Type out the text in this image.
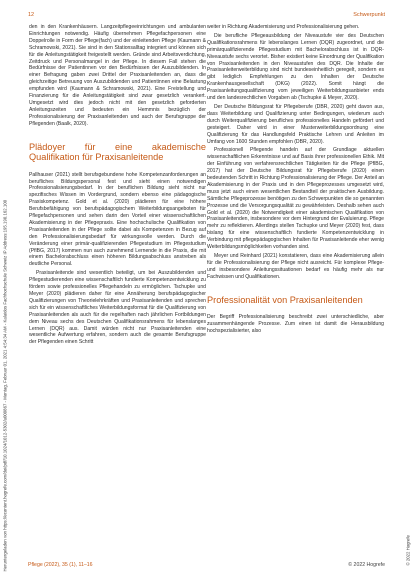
Heruntergeladen von https://econtent.hogrefe.com/doi/pdf/10.1024/1012-5302/a000867 - Montag, Februar 01, 2021 4:54:34 AM - Kalaidos Fachhochschule Schweiz IP Address:195.190.162.100	© 2022 Hogrefe
12	Schwerpunkt

den in den Krankenhäusern. Langzeitpflegeeinrichtungen und ambulanten Einrichtungen notwendig. Häufig übernehmen Pflegefachpersonen eine Doppelrolle in Form der Pflege(fach) und der einleitenden Pflege (Kaumann & Schramowski, 2021). Sie sind in den Stationsalltag integriert und können sich für die Anleitungstätigkeit freigestellt werden. Gründe sind Arbeitsverdichtung, Zeitdruck und Personalmangel in der Pflege. In diesem Fall stehen die Bedürfnisse der Patientinnen vor den Bedürfnissen der Auszubildenden. In einer Befragung gaben zwei Drittel der Praxisanleitenden an, dass die gleichzeitige Betreuung von Auszubildenden und Patientinnen eine Belastung empfunden wird (Kaumann & Schramowski, 2021). Eine Freistellung und Finanzierung für die Anleitungstätigkeit sind zwar gesetzlich verankert. Umgesetzt wird dies jedoch nicht mit den gesetzlich geforderten Anleitungszeiten und bedeuten ein Hemmnis bezüglich der Professionalisierung der Praxisanleitenden und auch der Berufsgruppe der Pflegenden (Baalk, 2020).

Plädoyer für eine akademische Qualifikation für Praxisanleitende

Pallhauser (2021) stellt berufsgebundene hohe Kompetenzanforderungen an berufliches Bildungspersonal fest und sieht einen notwendigen Professionalisierungsbedarf. In der beruflichen Bildung sieht nicht nur spezifisches Wissen im Vordergrund, sondern ebenso eine pädagogische Praxiskompetenz. Gold et al. (2020) plädieren für eine höhere Berufsbefähigung von berufspädagogischem Weiterbildungsangeboten für Pflegefachpersonen und sehen darin den Vorteil einer wissenschaftlichen Akademisierung in der Pflegepraxis. Eine hochschulische Qualifikation von Praxisanleitenden in der Pflege sollte dabei als Kompetenzen in Bezug auf den Professionalisierungsbedarf für wirkungsvolle werden. Durch die Veränderung einer primär-qualifizierenden Pflegestudium im Pflegestudium (PflBG, 2017) kommen nun auch zunehmend Lernende in die Praxis, die mit einem Bachelorabschluss einen höheren Bildungsabschluss anstreben als deutliche Personal.

Praxisanleitende sind wesentlich beteiligt, um bei Auszubildenden und Pflegestudierenden eine wissenschaftlich fundierte Kompetenzentwicklung zu fördern sowie professionelles Pflegehandeln zu ermöglichen. Tschupke und Meyer (2020) plädieren daher für eine Annäherung berufspädagogischer Qualifizierungen von Theorielehrkräften und Praxisanleitenden und sprechen sich für ein wissenschaftliches Weiterbildungsformat für die Qualifizierung von Praxisanleitenden als auch für die regelhaften nach jährlichen Fortbildungen dem Niveau sechs des Deutschen Qualifikationsrahmens für lebenslanges Lernen (DQR) aus. Damit würden nicht nur Praxisanleitenden eine wesentliche Aufwertung erfahren, sondern auch die gesamte Berufsgruppe der Pflegenden einen Schritt

weiter in Richtung Akademisierung und Professionalisierung gehen.

Die berufliche Pflegeausbildung der Niveaustufe vier des Deutschen Qualifikationsrahmens für lebenslanges Lernen (DQR) zugeordnet, und die primärqualifizierende Pflegestudium mit Bachelorabschluss ist in DQR-Niveaustufe sechs verortet. Bisher existiert keine Einordnung der Qualifikation von Praxisanleitenden in den Niveaustufen des DQR. Die Inhalte der Praxisanleiterweiterbildung sind nicht bundeseinheitlich geregelt, sondern es gibt lediglich Empfehlungen zu den Inhalten der Deutsche Krankenhausgesellschaft (DKG) (2022). Somit hängt die Praxisanleitungsqualifizierung vom jeweiligen Weiterbildungsanbieter ends und den landesrechtlichen Vorgaben ab (Tschupke & Meyer, 2020).

Der Deutsche Bildungsrat für Pflegeberufe (DBR, 2020) geht davon aus, dass Weiterbildung und Qualifizierung unter Bedingungen, wiederum auch durch Weiterqualifizierung berufliches professionelles Handeln gefördert und gesteigert. Daher wird in einer Musterweiterbildungsordnung eine Qualifizierung für das Handlungsfeld Praktische Lehren und Anleiten im Umfang von 1600 Stunden empfohlen (DBR, 2020).

Professionell Pflegende handeln auf der Grundlage aktuellen wissenschaftlichen Erkenntnisse und auf Basis ihrer professionellen Ethik. Mit der Einführung von verfahrensrechtlichen Tätigkeiten für die Pflege (PflBG, 2017) hat der Deutsche Bildungsrat für Pflegeberufe (2020) einen bedeutenden Schritt in Richtung Professionalisierung der Pflege. Der Anteil an Akademisierung in der Praxis und in den Pflegeprozesses umgesetzt wird, muss jetzt auch einen wesentlichen Bestandteil der praktischen Ausbildung. Sämtliche Pflegeprozesse benötigen zu den Schwerpunkten die so genannten Prozesse und die Versorgungsqualität zu gewährleisten. Deshalb sehen auch Gold et al. (2020) die Notwendigkeit einer akademischen Qualifikation von Praxisanleitenden, insbesondere vor dem Hintergrund der Evaluierung. Pflege mehr zu reflektieren. Allerdings stellen Tschupke und Meyer (2020) fest, dass bislang für eine wissenschaftlich fundierte Kompetenzentwicklung in Verbindung mit pflegepädagogischen Inhalten für Praxisanleitende eher wenig Weiterbildungsmöglichkeiten vorhanden sind.

Meyer und Reinhard (2021) konstatieren, dass eine Akademisierung allein für die Professionalisierung der Pflege nicht ausreicht. Für komplexe Pflege- und insbesondere Anleitungssituationen bedarf es häufig mehr als nur Fachwissen und Qualifikationen.

Professionalität von Praxisanleitenden

Der Begriff Professionalisierung beschreibt zwei unterschiedliche, aber zusammenhängende Prozesse. Zum einen ist damit die Herausbildung hochspezialisierter, also

Pflege (2022), 35 (1), 11–16	© 2022 Hogrefe
